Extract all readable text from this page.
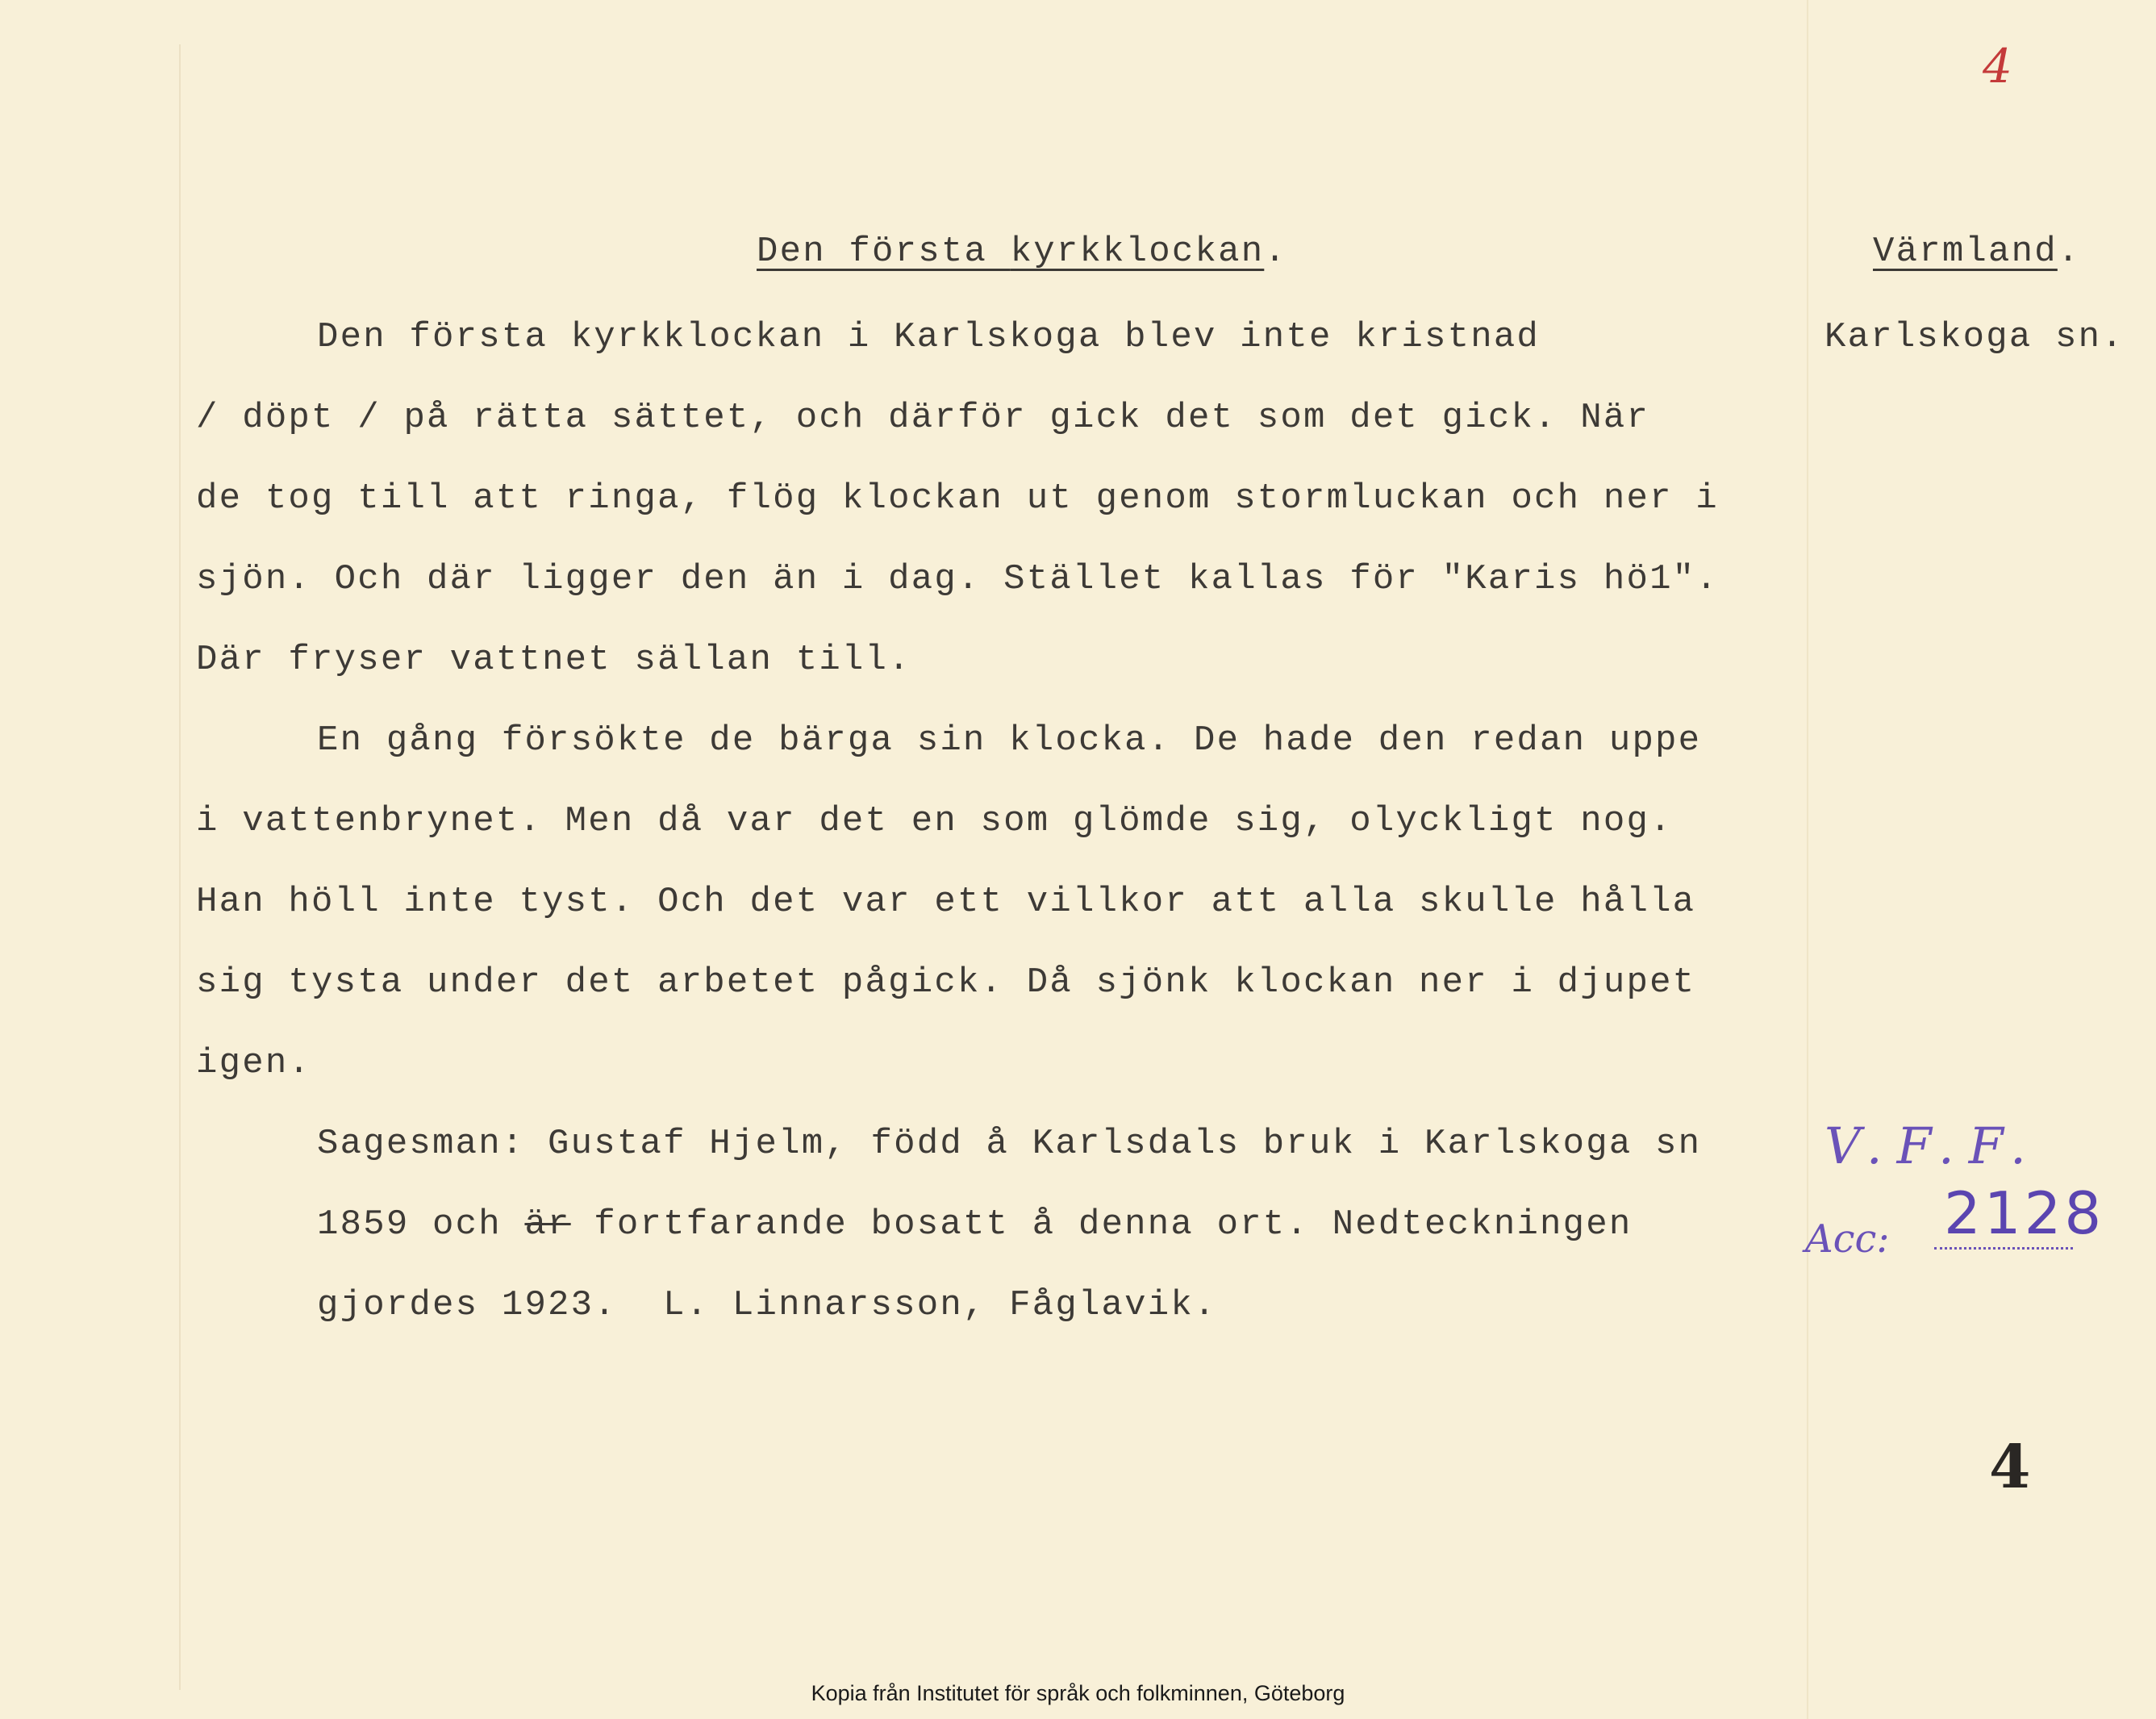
4
Den första kyrkklockan.	Värmland.
Karlskoga sn.
Den första kyrkklockan i Karlskoga blev inte kristnad
/ döpt / på rätta sättet, och därför gick det som det gick. När
de tog till att ringa, flög klockan ut genom stormluckan och ner i
sjön. Och där ligger den än i dag. Stället kallas för "Karis hö1".
Där fryser vattnet sällan till.
En gång försökte de bärga sin klocka. De hade den redan uppe
i vattenbrynet. Men då var det en som glömde sig, olyckligt nog.
Han höll inte tyst. Och det var ett villkor att alla skulle hålla
sig tysta under det arbetet pågick. Då sjönk klockan ner i djupet
igen.
Sagesman: Gustaf Hjelm, född å Karlsdals bruk i Karlskoga sn
1859 och är fortfarande bosatt å denna ort. Nedteckningen
gjordes 1923.  L. Linnarsson, Fåglavik.
V.F.F.
Acc: 2128
4
Kopia från Institutet för språk och folkminnen, Göteborg
